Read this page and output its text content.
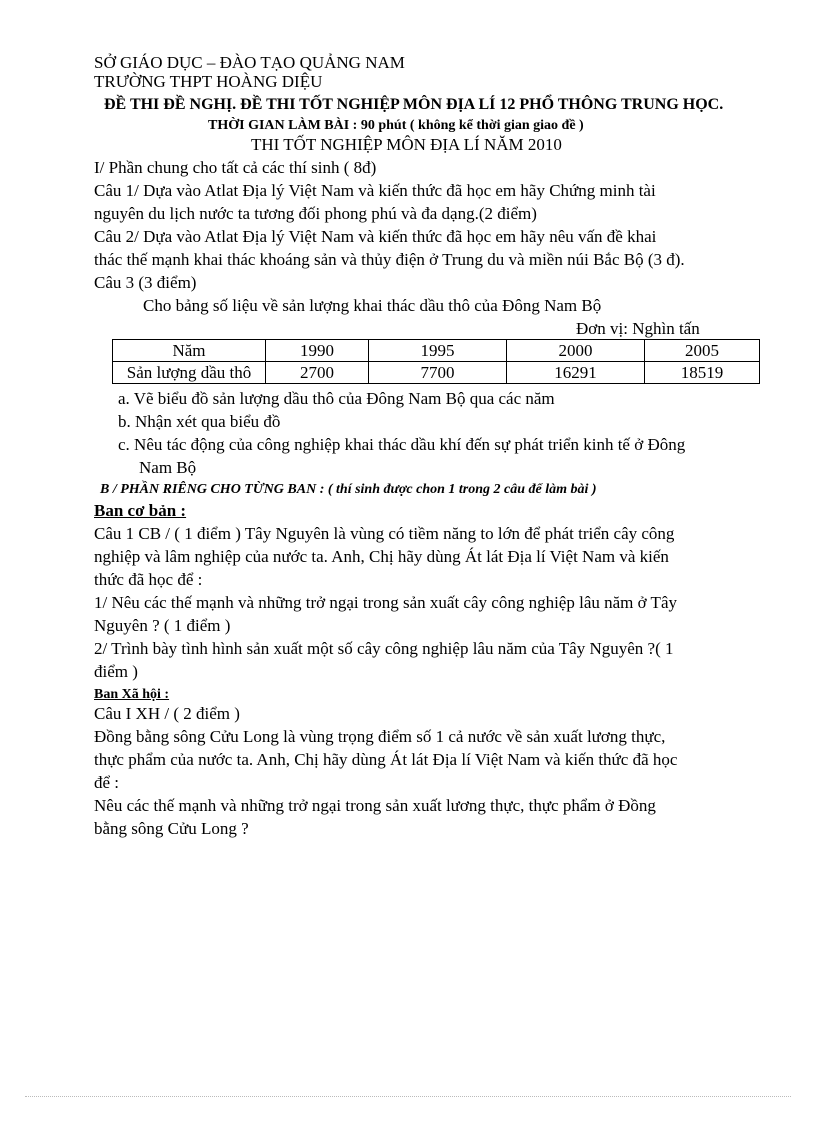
SỞ GIÁO DỤC – ĐÀO TẠO QUẢNG NAM
TRƯỜNG THPT HOÀNG DIỆU
ĐỀ THI ĐỀ NGHỊ. ĐỀ THI TỐT NGHIỆP MÔN ĐỊA LÍ 12 PHỔ THÔNG TRUNG HỌC.
THỜI GIAN LÀM BÀI : 90 phút ( không kể thời gian giao đề )
THI TỐT NGHIỆP MÔN ĐỊA LÍ NĂM 2010
I/ Phần chung cho tất cả các thí sinh ( 8đ)
Câu 1/ Dựa vào Atlat Địa lý Việt Nam và kiến thức đã học em hãy Chứng minh tài
nguyên du lịch nước ta tương đối phong phú và đa dạng.(2 điểm)
Câu 2/ Dựa vào Atlat Địa lý Việt Nam và kiến thức đã học em hãy nêu vấn đề khai
thác thế mạnh khai thác khoáng sản và thủy điện ở Trung du và miền núi Bắc Bộ (3 đ).
Câu 3 (3 điểm)
Cho bảng số liệu về sản lượng khai thác dầu thô của Đông Nam Bộ
Đơn vị: Nghìn tấn
Năm	1990	1995	2000	2005
Sản lượng dầu thô	2700	7700	16291	18519
a. Vẽ biểu đồ sản lượng dầu thô của Đông Nam Bộ qua các năm
b. Nhận xét qua biểu đồ
c. Nêu tác động của công nghiệp khai thác dầu khí đến sự phát triển kinh tế ở Đông
Nam Bộ
B / PHẦN RIÊNG CHO TỪNG BAN : ( thí sinh được chon 1 trong 2 câu để làm bài )
Ban cơ bản :
Câu 1 CB / ( 1 điểm ) Tây Nguyên là vùng có tiềm năng to lớn để phát triển cây công
nghiệp và lâm nghiệp của nước ta. Anh, Chị hãy dùng Át lát Địa lí Việt Nam và kiến
thức đã học để :
1/ Nêu các thế mạnh và những trở ngại trong sản xuất cây công nghiệp lâu năm ở Tây
Nguyên ? ( 1 điểm )
2/ Trình bày tình hình sản xuất một số cây công nghiệp lâu năm của Tây Nguyên ?( 1
điểm )
Ban Xã hội :
Câu I XH / ( 2 điểm )
Đồng bằng sông Cửu Long là vùng trọng điểm số 1 cả nước về sản xuất lương thực,
thực phẩm của nước ta. Anh, Chị hãy dùng Át lát Địa lí Việt Nam và kiến thức đã học
để :
Nêu các thế mạnh và những trở ngại trong sản xuất lương thực, thực phẩm ở Đồng
bằng sông Cửu Long ?
